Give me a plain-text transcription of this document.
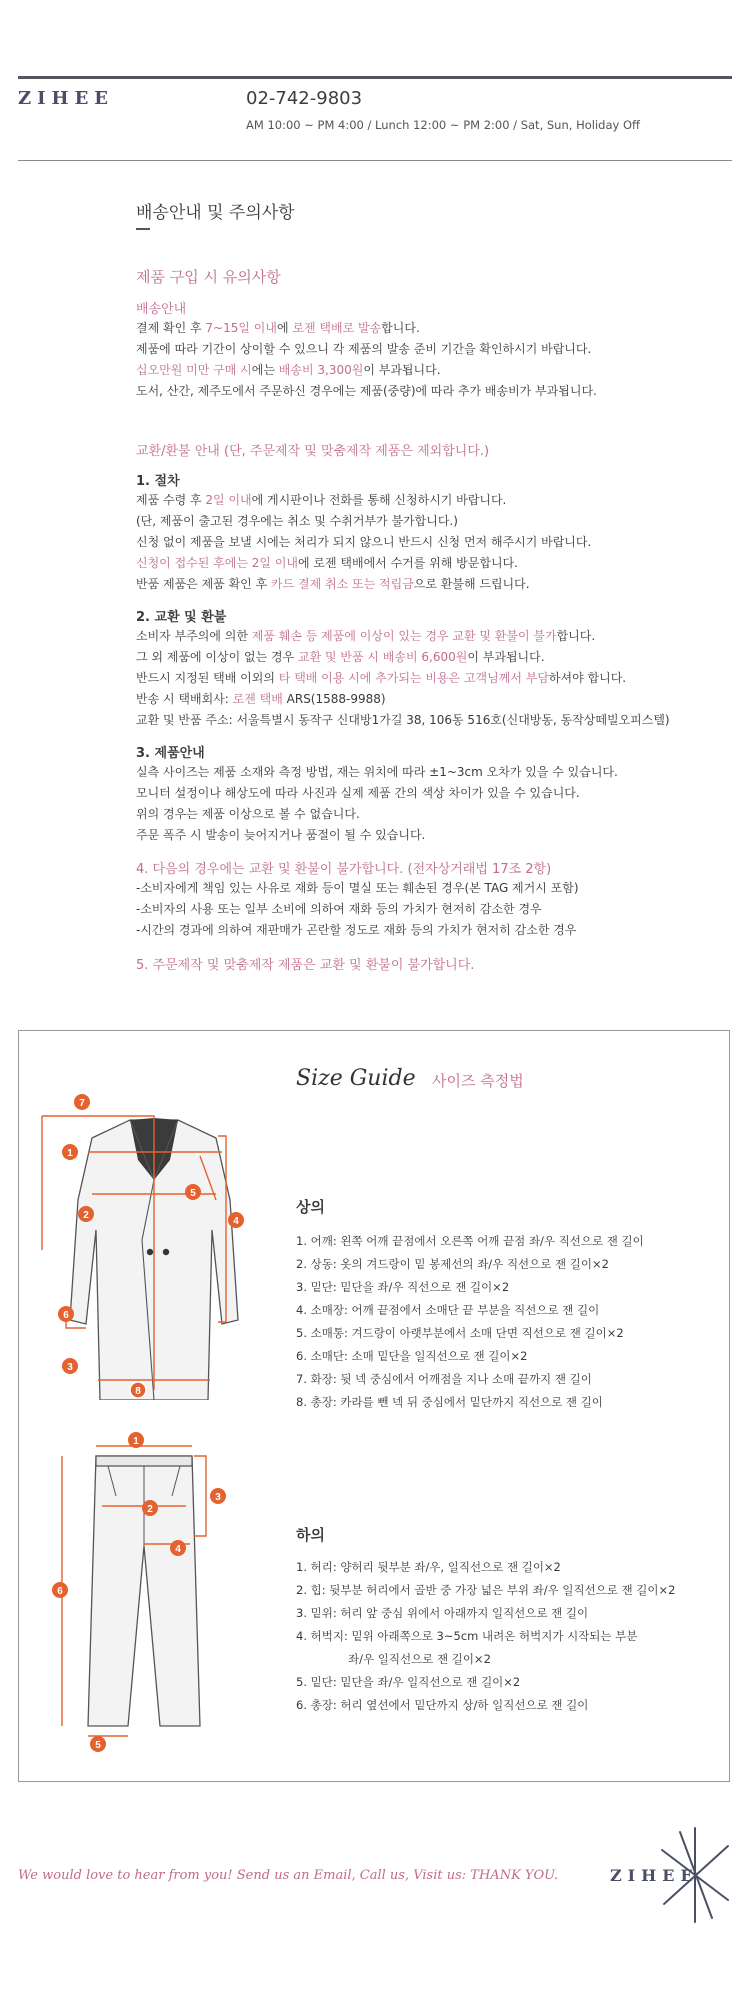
ZIHEE	02-742-9803
AM 10:00 ~ PM 4:00 / Lunch 12:00 ~ PM 2:00 / Sat, Sun, Holiday Off
배송안내 및 주의사항
제품 구입 시 유의사항
배송안내
결제 확인 후 7~15일 이내에 로젠 택배로 발송합니다.
제품에 따라 기간이 상이할 수 있으니 각 제품의 발송 준비 기간을 확인하시기 바랍니다.
십오만원 미만 구매 시에는 배송비 3,300원이 부과됩니다.
도서, 산간, 제주도에서 주문하신 경우에는 제품(중량)에 따라 추가 배송비가 부과됩니다.
교환/환불 안내 (단, 주문제작 및 맞춤제작 제품은 제외합니다.)
1. 절차
제품 수령 후 2일 이내에 게시판이나 전화를 통해 신청하시기 바랍니다.
(단, 제품이 출고된 경우에는 취소 및 수취거부가 불가합니다.)
신청 없이 제품을 보낼 시에는 처리가 되지 않으니 반드시 신청 먼저 해주시기 바랍니다.
신청이 접수된 후에는 2일 이내에 로젠 택배에서 수거를 위해 방문합니다.
반품 제품은 제품 확인 후 카드 결제 취소 또는 적립금으로 환불해 드립니다.
2. 교환 및 환불
소비자 부주의에 의한 제품 훼손 등 제품에 이상이 있는 경우 교환 및 환불이 불가합니다.
그 외 제품에 이상이 없는 경우 교환 및 반품 시 배송비 6,600원이 부과됩니다.
반드시 지정된 택배 이외의 타 택배 이용 시에 추가되는 비용은 고객님께서 부담하셔야 합니다.
반송 시 택배회사: 로젠 택배 ARS(1588-9988)
교환 및 반품 주소: 서울특별시 동작구 신대방1가길 38, 106동 516호(신대방동, 동작상떼빌오피스텔)
3. 제품안내
실측 사이즈는 제품 소재와 측정 방법, 재는 위치에 따라 ±1~3cm 오차가 있을 수 있습니다.
모니터 설정이나 해상도에 따라 사진과 실제 제품 간의 색상 차이가 있을 수 있습니다.
위의 경우는 제품 이상으로 볼 수 없습니다.
주문 폭주 시 발송이 늦어지거나 품절이 될 수 있습니다.
4. 다음의 경우에는 교환 및 환불이 불가합니다. (전자상거래법 17조 2항)
-소비자에게 책임 있는 사유로 재화 등이 멸실 또는 훼손된 경우(본 TAG 제거시 포함)
-소비자의 사용 또는 일부 소비에 의하여 재화 등의 가치가 현저히 감소한 경우
-시간의 경과에 의하여 재판매가 곤란할 정도로 재화 등의 가치가 현저히 감소한 경우
5. 주문제작 및 맞춤제작 제품은 교환 및 환불이 불가합니다.
Size Guide 사이즈 측정법
7
1
2
3
4
5
6
8
상의
1. 어깨: 왼쪽 어깨 끝점에서 오른쪽 어깨 끝점 좌/우 직선으로 잰 길이
2. 상동: 옷의 겨드랑이 밑 봉제선의 좌/우 직선으로 잰 길이×2
3. 밑단: 밑단을 좌/우 직선으로 잰 길이×2
4. 소매장: 어깨 끝점에서 소매단 끝 부분을 직선으로 잰 길이
5. 소매통: 겨드랑이 아랫부분에서 소매 단면 직선으로 잰 길이×2
6. 소매단: 소매 밑단을 일직선으로 잰 길이×2
7. 화장: 뒷 넥 중심에서 어깨점을 지나 소매 끝까지 잰 길이
8. 총장: 카라를 뺀 넥 뒤 중심에서 밑단까지 직선으로 잰 길이
1
2
3
4
5
6
하의
1. 허리: 양허리 뒷부분 좌/우, 일직선으로 잰 길이×2
2. 힙: 뒷부분 허리에서 골반 중 가장 넓은 부위 좌/우 일직선으로 잰 길이×2
3. 밑위: 허리 앞 중심 위에서 아래까지 일직선으로 잰 길이
4. 허벅지: 밑위 아래쪽으로 3~5cm 내려온 허벅지가 시작되는 부분
좌/우 일직선으로 잰 길이×2
5. 밑단: 밑단을 좌/우 일직선으로 잰 길이×2
6. 총장: 허리 옆선에서 밑단까지 상/하 일직선으로 잰 길이
We would love to hear from you! Send us an Email, Call us, Visit us: THANK YOU.	ZIHEE
